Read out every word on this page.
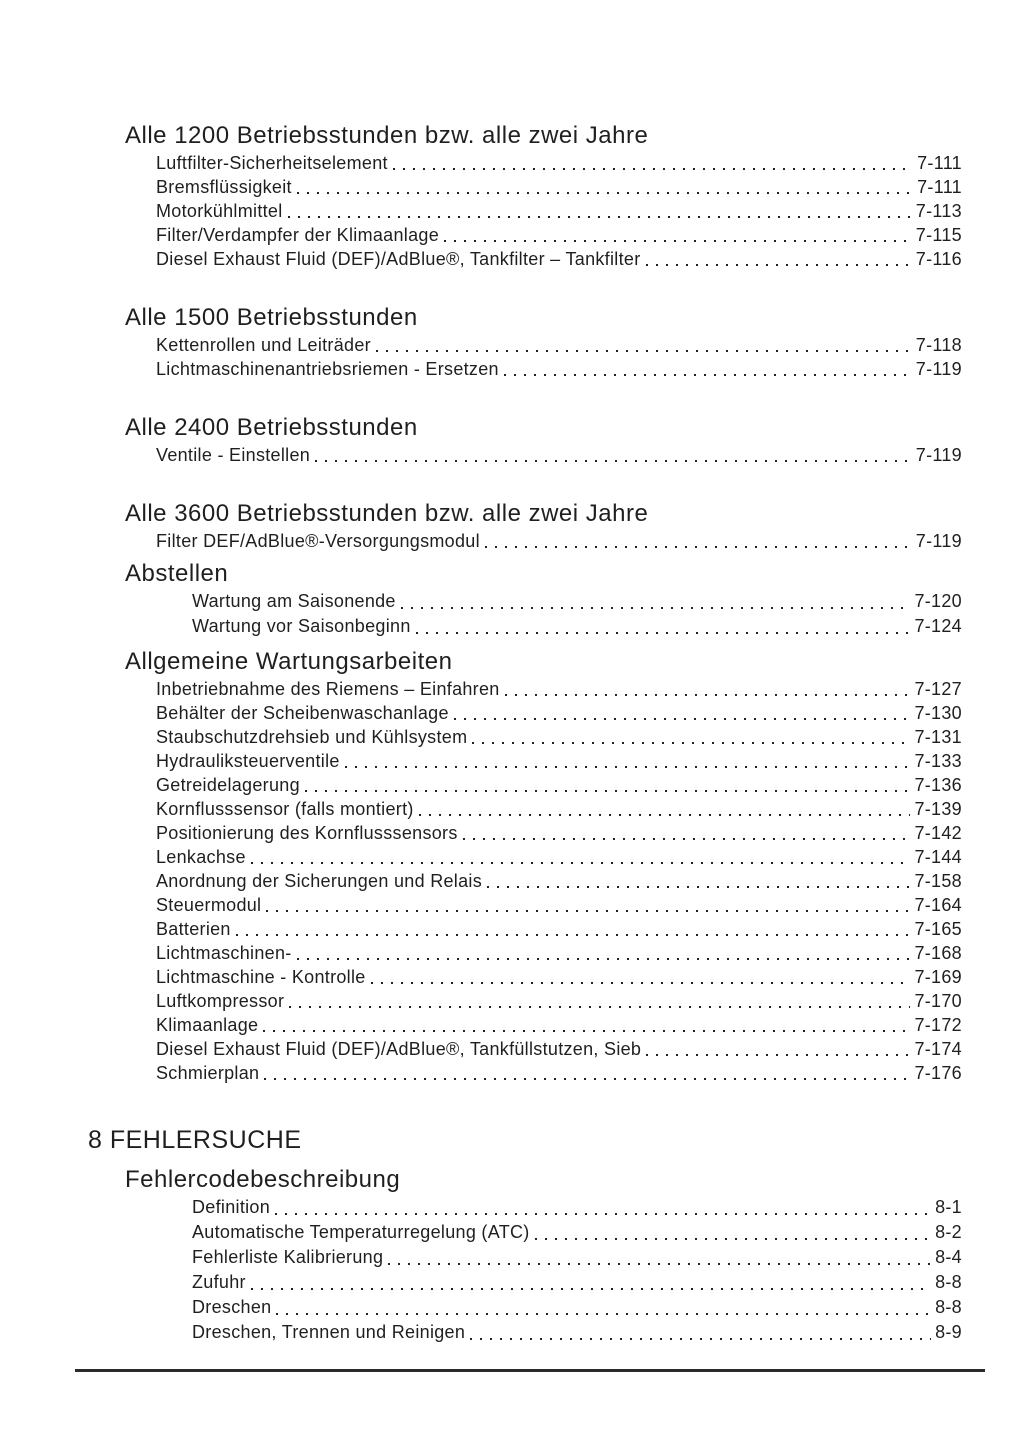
Alle 1200 Betriebsstunden bzw. alle zwei Jahre
Luftfilter-Sicherheitselement	7-111
Bremsflüssigkeit	7-111
Motorkühlmittel	7-113
Filter/Verdampfer der Klimaanlage	7-115
Diesel Exhaust Fluid (DEF)/AdBlue®, Tankfilter – Tankfilter	7-116
Alle 1500 Betriebsstunden
Kettenrollen und Leiträder	7-118
Lichtmaschinenantriebsriemen - Ersetzen	7-119
Alle 2400 Betriebsstunden
Ventile - Einstellen	7-119
Alle 3600 Betriebsstunden bzw. alle zwei Jahre
Filter DEF/AdBlue®-Versorgungsmodul	7-119
Abstellen
Wartung am Saisonende	7-120
Wartung vor Saisonbeginn	7-124
Allgemeine Wartungsarbeiten
Inbetriebnahme des Riemens – Einfahren	7-127
Behälter der Scheibenwaschanlage	7-130
Staubschutzdrehsieb und Kühlsystem	7-131
Hydrauliksteuerventile	7-133
Getreidelagerung	7-136
Kornflusssensor (falls montiert)	7-139
Positionierung des Kornflusssensors	7-142
Lenkachse	7-144
Anordnung der Sicherungen und Relais	7-158
Steuermodul	7-164
Batterien	7-165
Lichtmaschinen-	7-168
Lichtmaschine - Kontrolle	7-169
Luftkompressor	7-170
Klimaanlage	7-172
Diesel Exhaust Fluid (DEF)/AdBlue®, Tankfüllstutzen, Sieb	7-174
Schmierplan	7-176
8 FEHLERSUCHE
Fehlercodebeschreibung
Definition	8-1
Automatische Temperaturregelung (ATC)	8-2
Fehlerliste Kalibrierung	8-4
Zufuhr	8-8
Dreschen	8-8
Dreschen, Trennen und Reinigen	8-9
